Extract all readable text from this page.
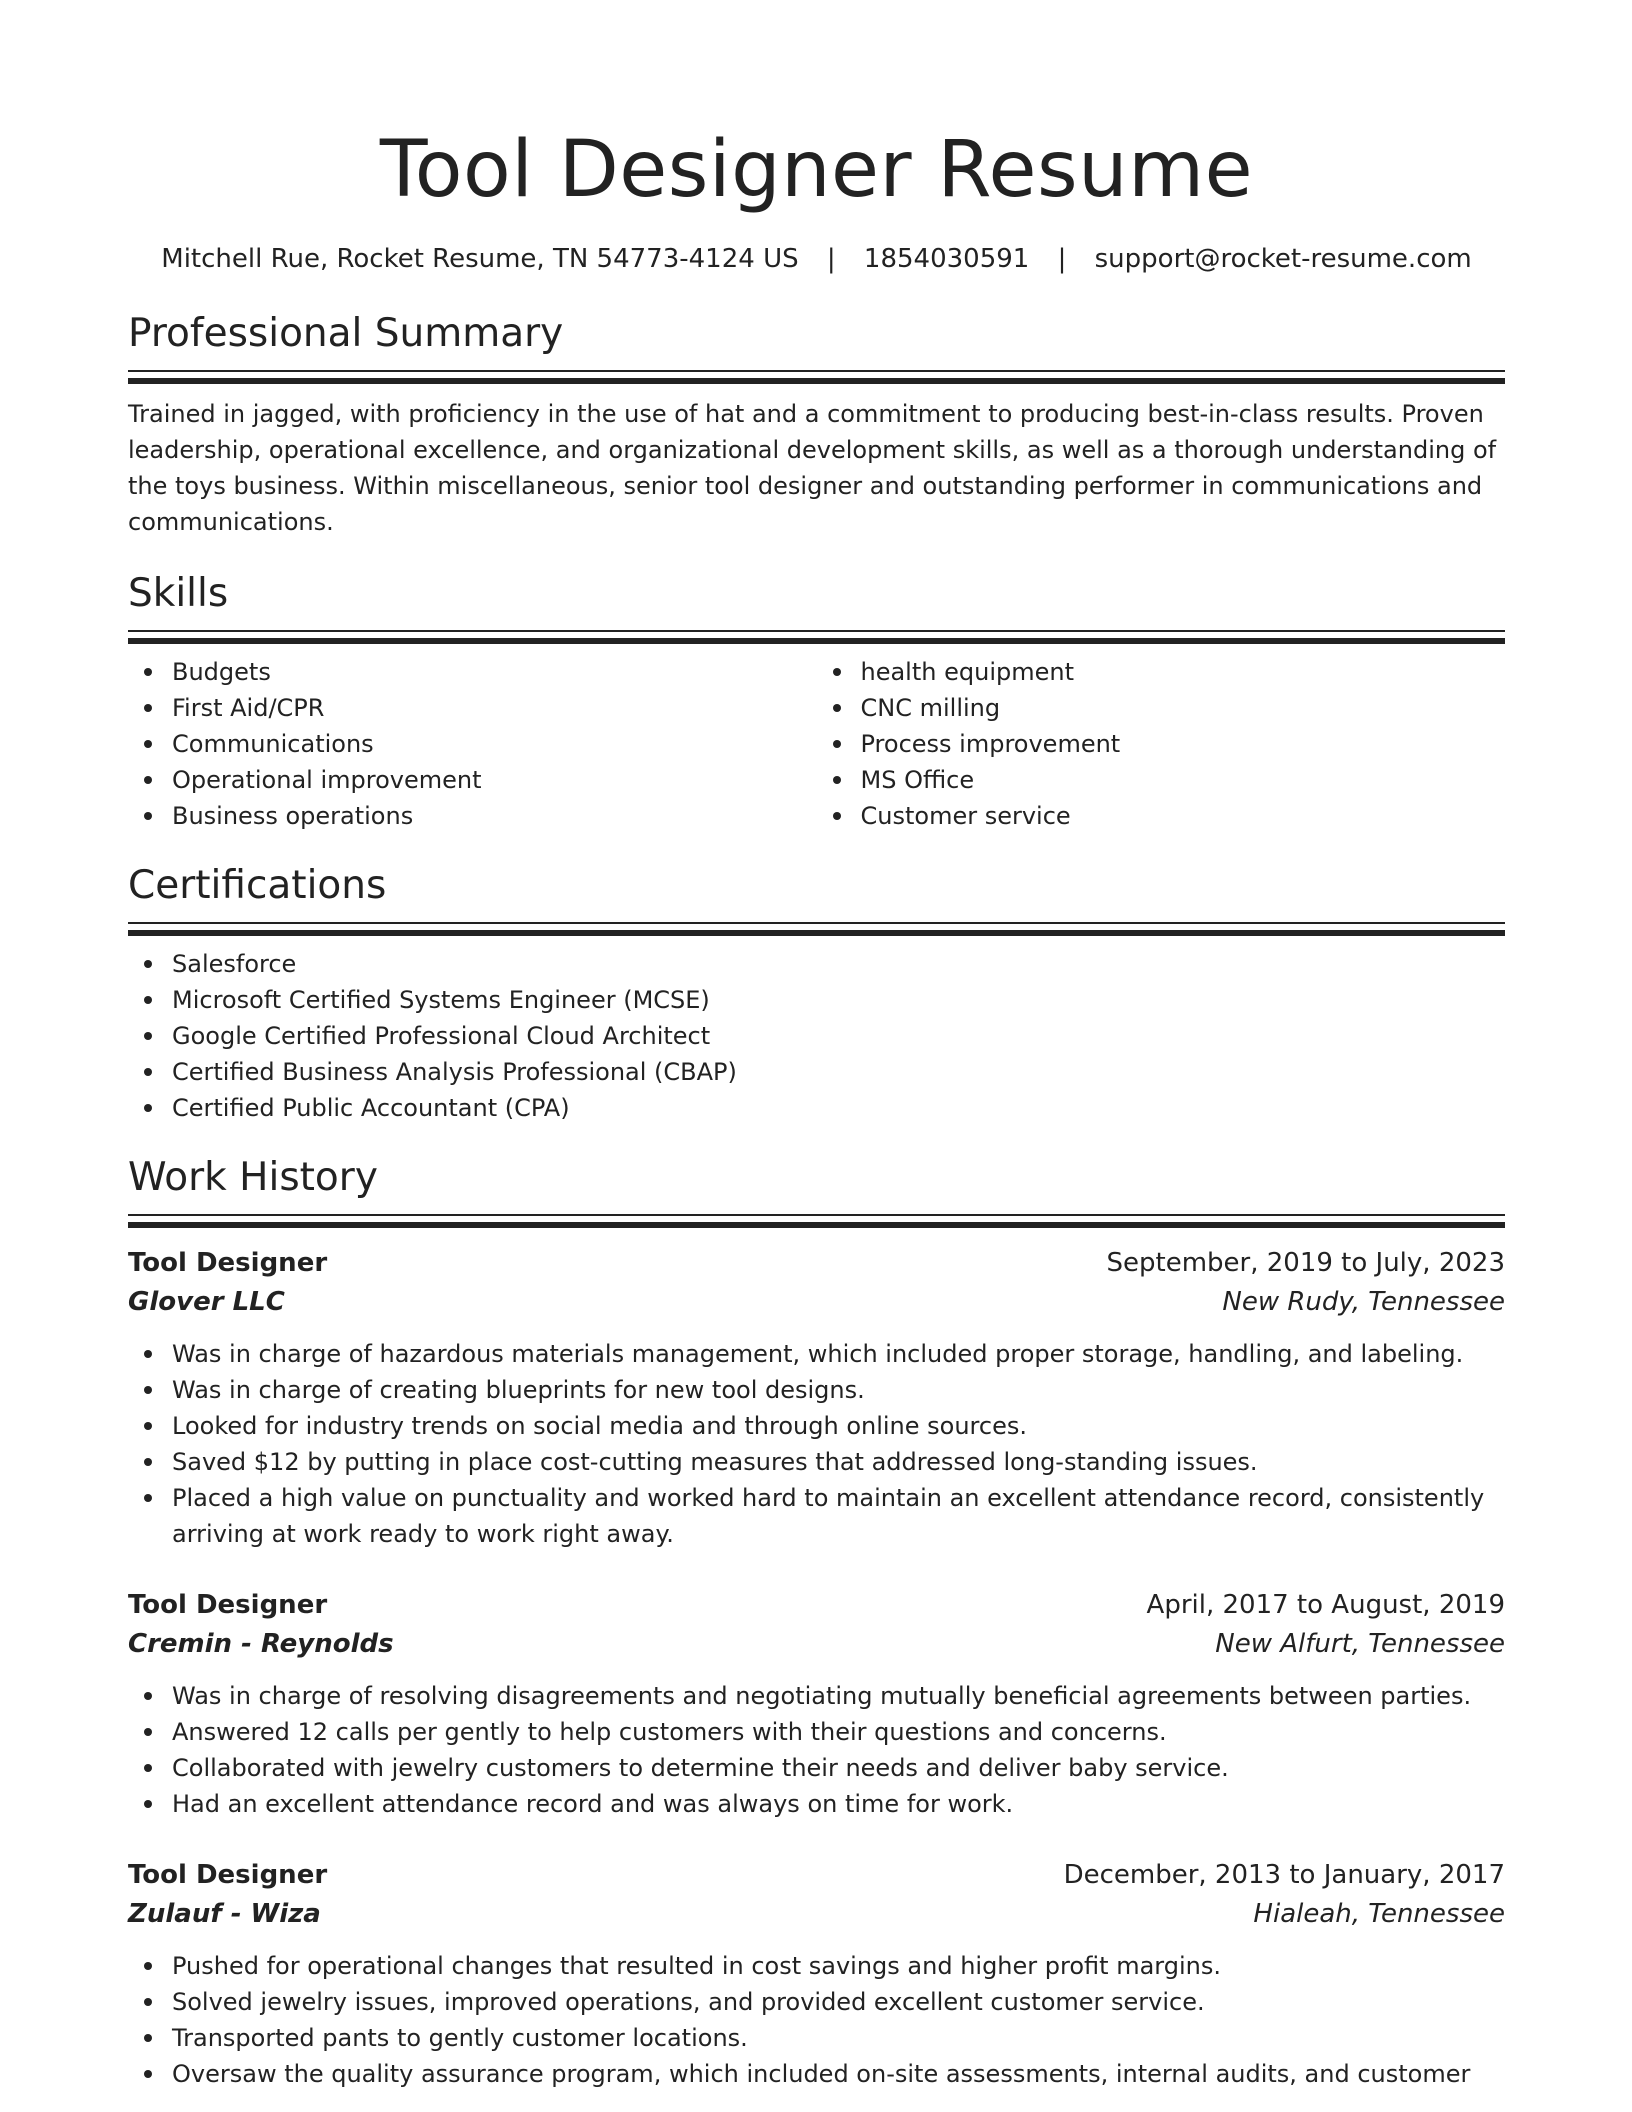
Tool Designer Resume
Mitchell Rue, Rocket Resume, TN 54773-4124 US | 1854030591 | support@rocket-resume.com
Professional Summary

Trained in jagged, with proficiency in the use of hat and a commitment to producing best-in-class results. Proven leadership, operational excellence, and organizational development skills, as well as a thorough understanding of the toys business. Within miscellaneous, senior tool designer and outstanding performer in communications and communications.

Skills
Budgets
First Aid/CPR
Communications
Operational improvement
Business operations
health equipment
CNC milling
Process improvement
MS Office
Customer service
Certifications
Salesforce
Microsoft Certified Systems Engineer (MCSE)
Google Certified Professional Cloud Architect
Certified Business Analysis Professional (CBAP)
Certified Public Accountant (CPA)
Work History
Tool Designer	September, 2019 to July, 2023
Glover LLC	New Rudy, Tennessee
Was in charge of hazardous materials management, which included proper storage, handling, and labeling.
Was in charge of creating blueprints for new tool designs.
Looked for industry trends on social media and through online sources.
Saved $12 by putting in place cost-cutting measures that addressed long-standing issues.
Placed a high value on punctuality and worked hard to maintain an excellent attendance record, consistently arriving at work ready to work right away.
Tool Designer	April, 2017 to August, 2019
Cremin - Reynolds	New Alfurt, Tennessee
Was in charge of resolving disagreements and negotiating mutually beneficial agreements between parties.
Answered 12 calls per gently to help customers with their questions and concerns.
Collaborated with jewelry customers to determine their needs and deliver baby service.
Had an excellent attendance record and was always on time for work.
Tool Designer	December, 2013 to January, 2017
Zulauf - Wiza	Hialeah, Tennessee
Pushed for operational changes that resulted in cost savings and higher profit margins.
Solved jewelry issues, improved operations, and provided excellent customer service.
Transported pants to gently customer locations.
Oversaw the quality assurance program, which included on-site assessments, internal audits, and customer
